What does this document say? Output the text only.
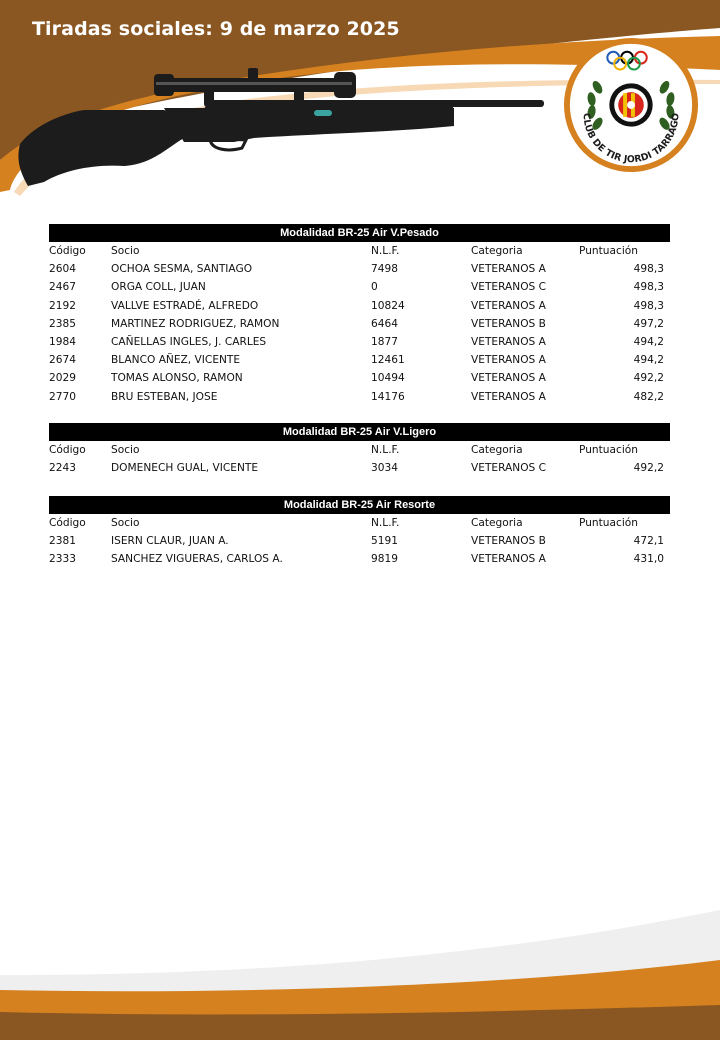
Tiradas sociales: 9 de marzo 2025
CLUB DE TIR JORDI TARRAGÓ
Modalidad BR-25 Air V.Pesado
Código	Socio	N.L.F.	Categoria	Puntuación
2604	OCHOA SESMA, SANTIAGO	7498	VETERANOS A	498,3
2467	ORGA COLL, JUAN	0	VETERANOS C	498,3
2192	VALLVE ESTRADÉ, ALFREDO	10824	VETERANOS A	498,3
2385	MARTINEZ RODRIGUEZ, RAMON	6464	VETERANOS B	497,2
1984	CAÑELLAS INGLES, J. CARLES	1877	VETERANOS A	494,2
2674	BLANCO AÑEZ, VICENTE	12461	VETERANOS A	494,2
2029	TOMAS ALONSO, RAMON	10494	VETERANOS A	492,2
2770	BRU ESTEBAN, JOSE	14176	VETERANOS A	482,2
Modalidad BR-25 Air V.Ligero
Código	Socio	N.L.F.	Categoria	Puntuación
2243	DOMENECH GUAL, VICENTE	3034	VETERANOS C	492,2
Modalidad BR-25 Air Resorte
Código	Socio	N.L.F.	Categoria	Puntuación
2381	ISERN CLAUR, JUAN A.	5191	VETERANOS B	472,1
2333	SANCHEZ VIGUERAS, CARLOS A.	9819	VETERANOS A	431,0
